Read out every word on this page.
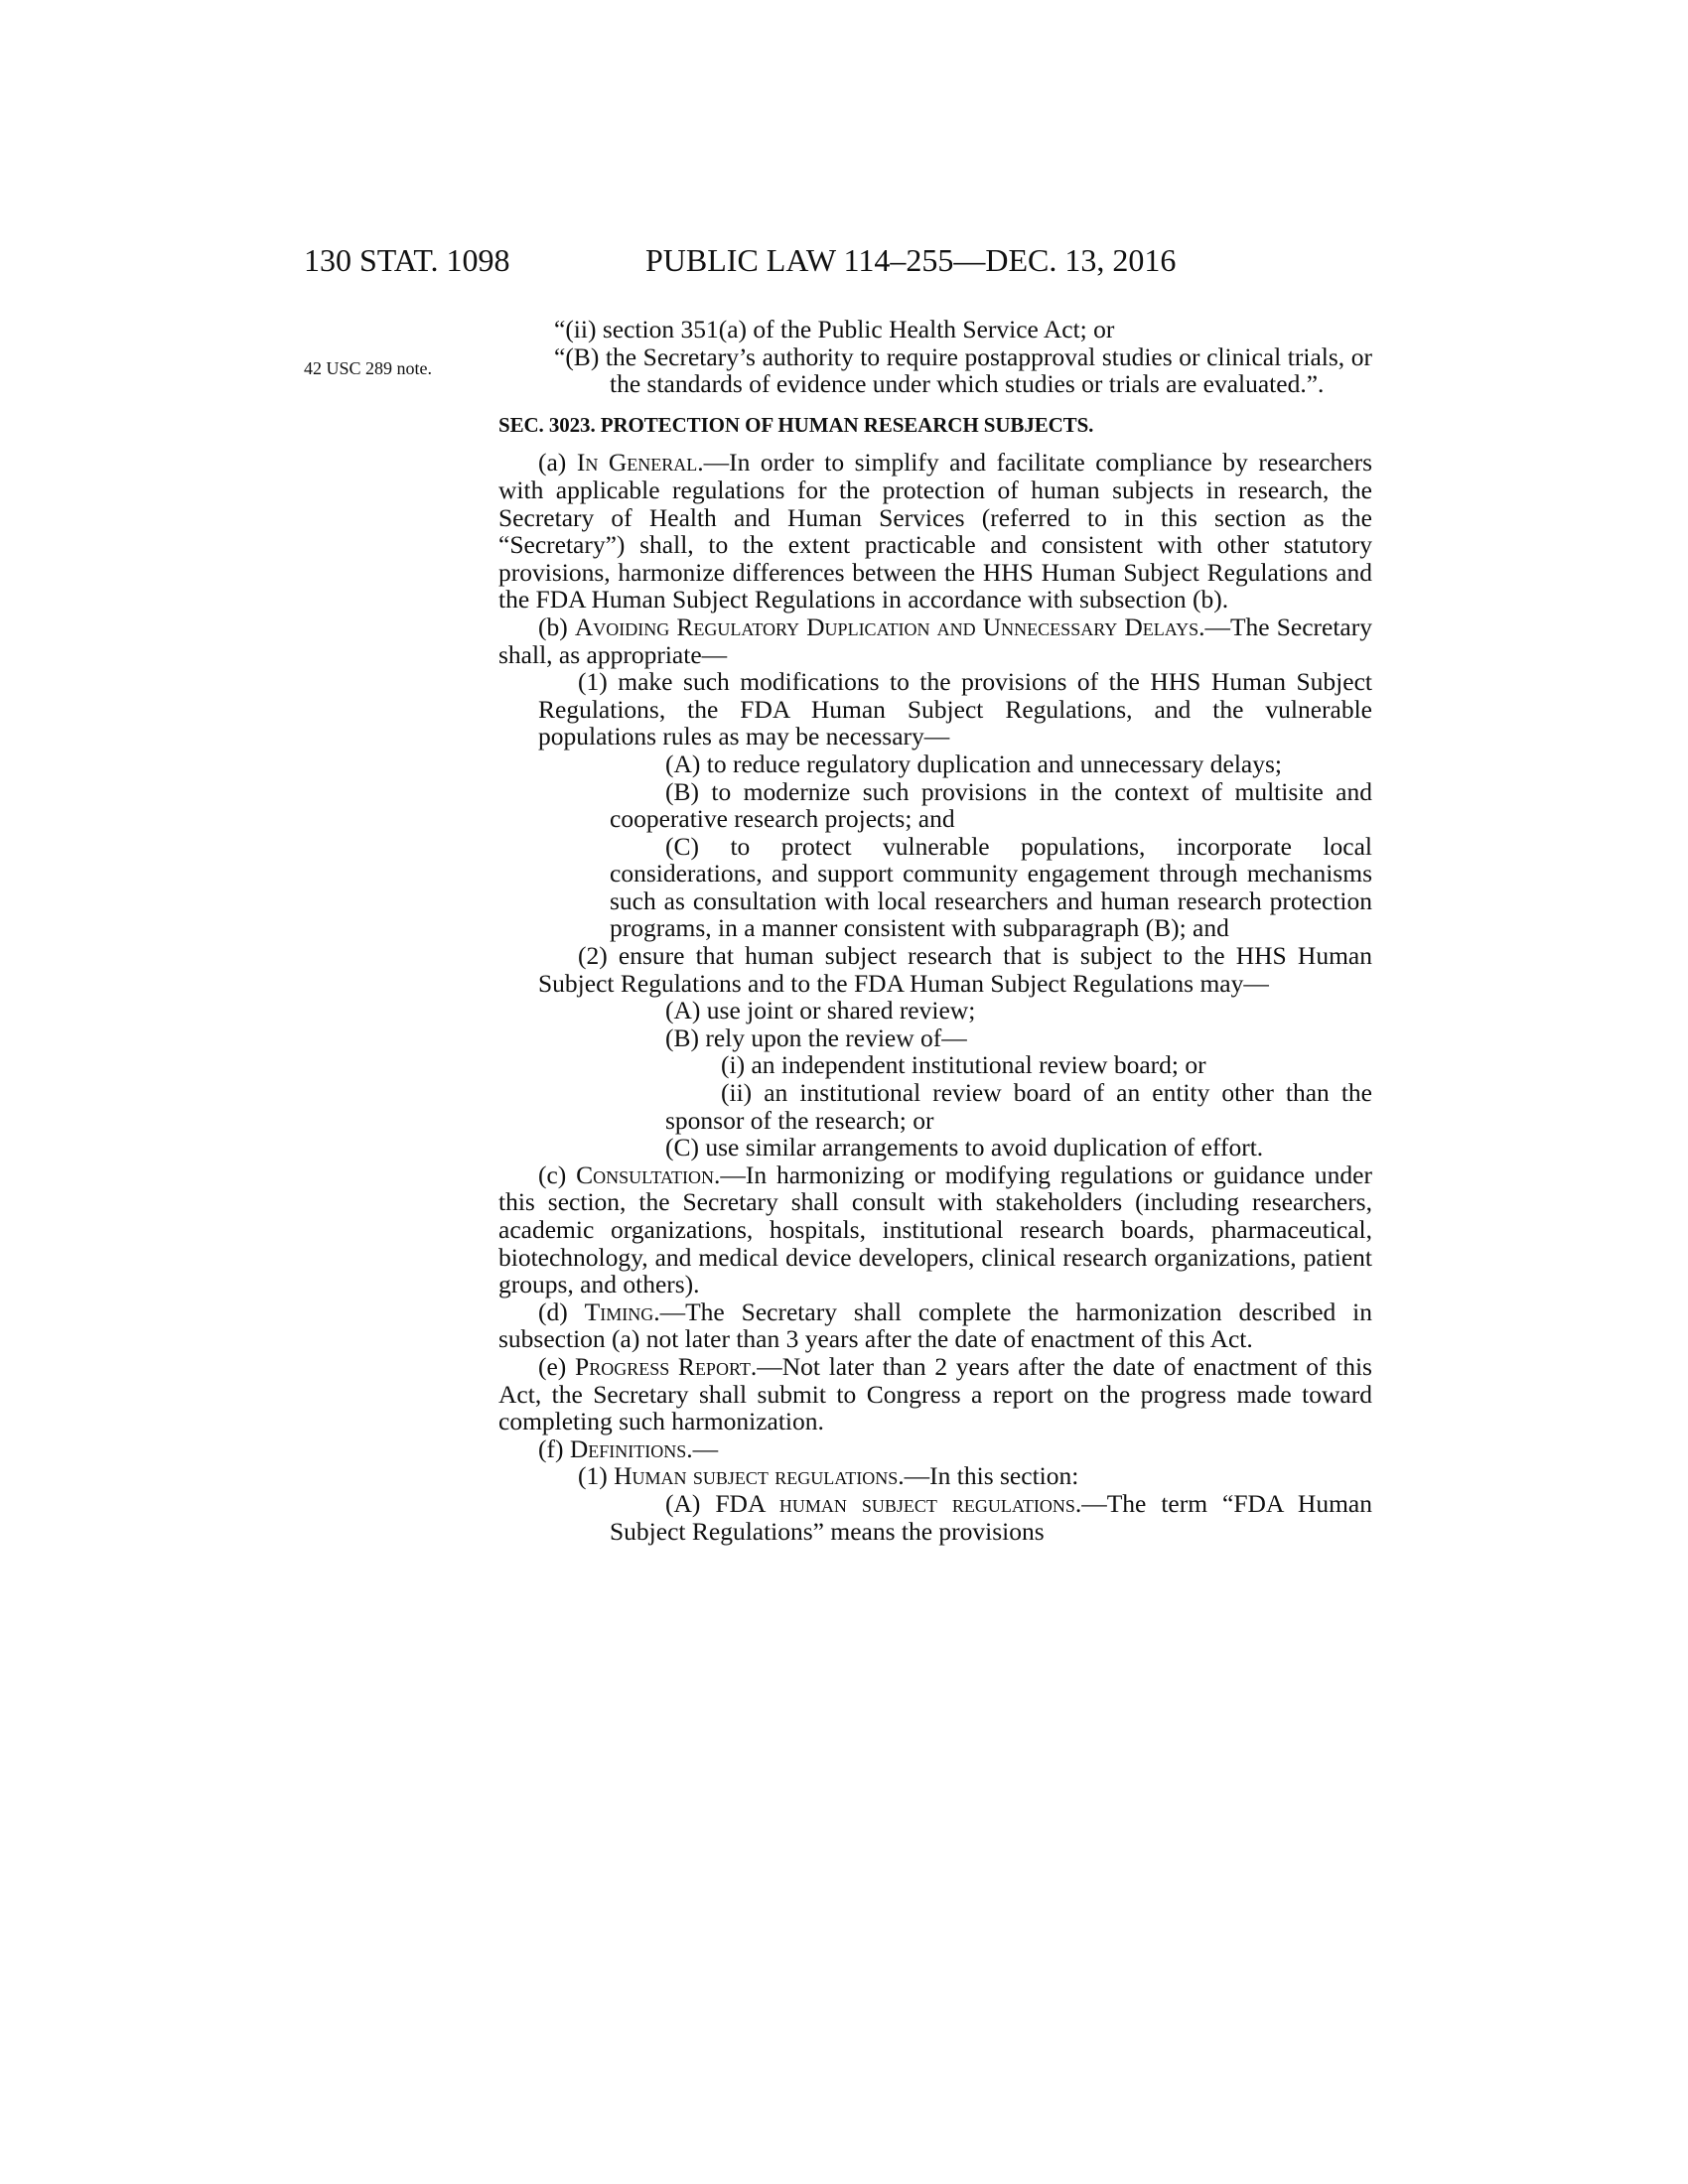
130 STAT. 1098	PUBLIC LAW 114–255—DEC. 13, 2016
42 USC 289 note.

“(ii) section 351(a) of the Public Health Service Act; or

“(B) the Secretary’s authority to require postapproval studies or clinical trials, or the standards of evidence under which studies or trials are evaluated.”.

SEC. 3023. PROTECTION OF HUMAN RESEARCH SUBJECTS.

(a) In General.—In order to simplify and facilitate compliance by researchers with applicable regulations for the protection of human subjects in research, the Secretary of Health and Human Services (referred to in this section as the “Secretary”) shall, to the extent practicable and consistent with other statutory provisions, harmonize differences between the HHS Human Subject Regulations and the FDA Human Subject Regulations in accordance with subsection (b).

(b) Avoiding Regulatory Duplication and Unnecessary Delays.—The Secretary shall, as appropriate—

(1) make such modifications to the provisions of the HHS Human Subject Regulations, the FDA Human Subject Regulations, and the vulnerable populations rules as may be necessary—

(A) to reduce regulatory duplication and unnecessary delays;

(B) to modernize such provisions in the context of multisite and cooperative research projects; and

(C) to protect vulnerable populations, incorporate local considerations, and support community engagement through mechanisms such as consultation with local researchers and human research protection programs, in a manner consistent with subparagraph (B); and

(2) ensure that human subject research that is subject to the HHS Human Subject Regulations and to the FDA Human Subject Regulations may—

(A) use joint or shared review;

(B) rely upon the review of—

(i) an independent institutional review board; or

(ii) an institutional review board of an entity other than the sponsor of the research; or

(C) use similar arrangements to avoid duplication of effort.

(c) Consultation.—In harmonizing or modifying regulations or guidance under this section, the Secretary shall consult with stakeholders (including researchers, academic organizations, hospitals, institutional research boards, pharmaceutical, biotechnology, and medical device developers, clinical research organizations, patient groups, and others).

(d) Timing.—The Secretary shall complete the harmonization described in subsection (a) not later than 3 years after the date of enactment of this Act.

(e) Progress Report.—Not later than 2 years after the date of enactment of this Act, the Secretary shall submit to Congress a report on the progress made toward completing such harmonization.

(f) Definitions.—

(1) Human subject regulations.—In this section:

(A) FDA human subject regulations.—The term “FDA Human Subject Regulations” means the provisions
